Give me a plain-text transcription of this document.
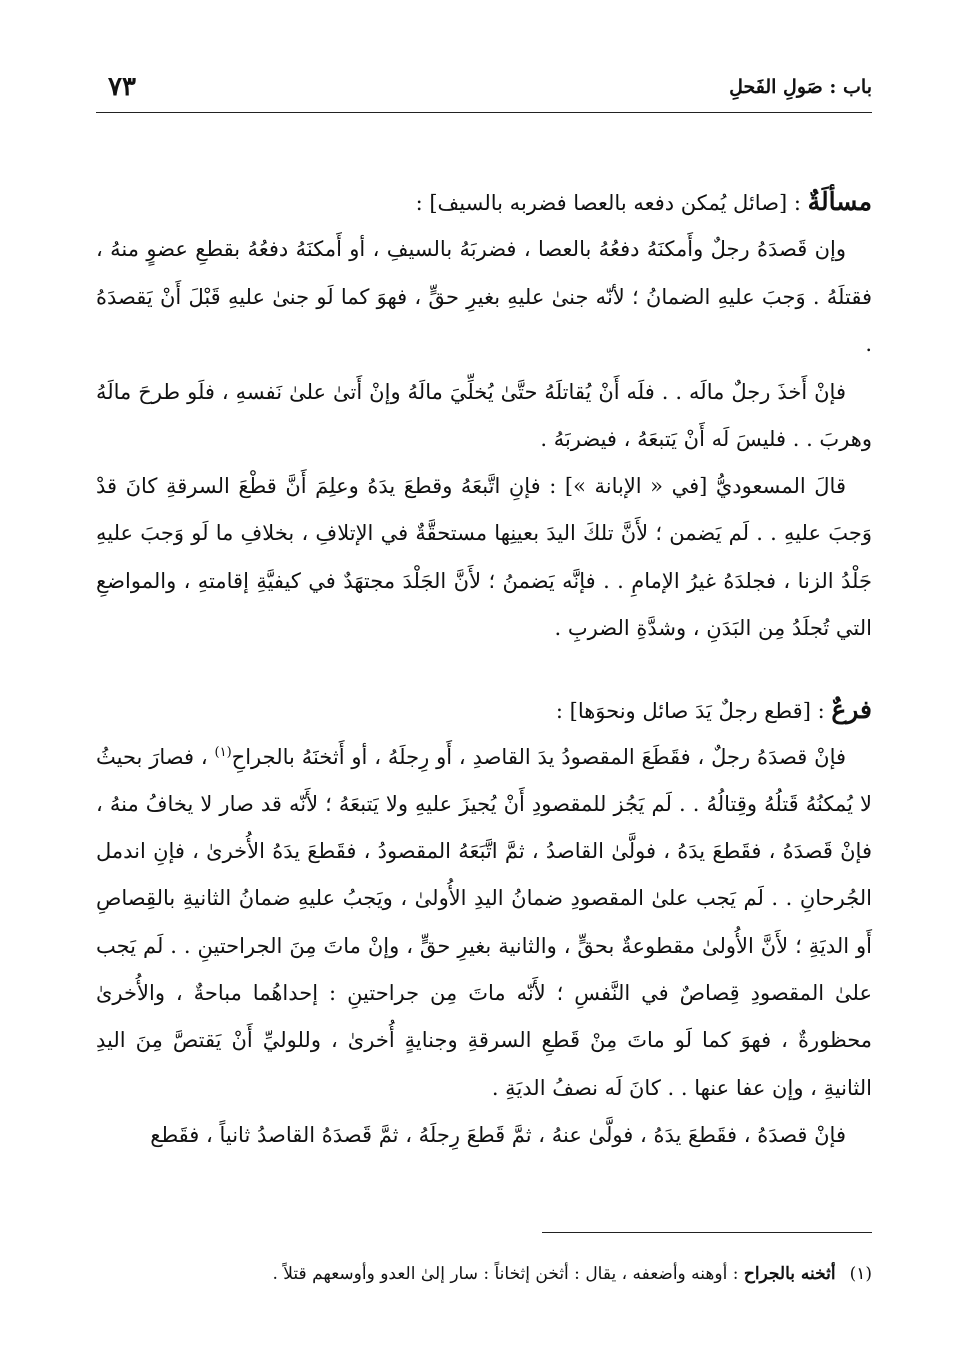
باب : صَولِ الفَحلِ
٧٣

مسألَةٌ : [صائل يُمكن دفعه بالعصا فضربه بالسيف] :

وإن قَصدَهُ رجلٌ وأَمكنَهُ دفعُهُ بالعصا ، فضربَهُ بالسيفِ ، أو أَمكنَهُ دفعُهُ بقطعِ عضوٍ منهُ ، فقتلَهُ . وَجبَ عليهِ الضمانُ ؛ لأنّه جنىٰ عليهِ بغيرِ حقٍّ ، فهوَ كما لَو جنىٰ عليهِ قَبْلَ أَنْ يَقصدَهُ .

فإنْ أَخذَ رجلٌ مالَه . . فلَه أَنْ يُقاتلَهُ حتَّىٰ يُخلِّيَ مالَهُ وإنْ أَتىٰ علىٰ نَفسهِ ، فلَو طرحَ مالَهُ وهربَ . . فليسَ لَه أَنْ يَتبعَهُ ، فيضربَهُ .

قالَ المسعوديُّ [في « الإبانة »] : فإنِ اتَّبعَهُ وقطعَ يدَهُ وعلِمَ أَنَّ قطْعَ السرقةِ كانَ قدْ وَجبَ عليهِ . . لَم يَضمن ؛ لأَنَّ تلكَ اليدَ بعينِها مستحقَّةٌ في الإتلافِ ، بخلافِ ما لَو وَجبَ عليهِ جَلْدُ الزنا ، فجلدَهُ غيرُ الإمامِ . . فإنَّه يَضمنُ ؛ لأَنَّ الجَلْدَ مجتهَدٌ في كيفيَّةِ إقامتهِ ، والمواضعِ التي تُجلَدُ مِن البَدَنِ ، وشدَّةِ الضربِ .

فرعٌ : [قطع رجلٌ يَدَ صائل ونحوَها] :

فإنْ قصدَهُ رجلٌ ، فقَطَعَ المقصودُ يدَ القاصدِ ، أَو رِجلَهُ ، أو أَثخنَهُ بالجراحِ$^{(١)}$ ، فصارَ بحيثُ لا يُمكنُهُ قَتلُهُ وقِتالُهُ . . لَم يَجُز للمقصودِ أَنْ يُجيزَ عليهِ ولا يَتبعَهُ ؛ لأَنّه قد صار لا يخافُ منهُ ، فإنْ قَصدَهُ ، فقَطعَ يدَهُ ، فولَّىٰ القاصدُ ، ثمَّ اتَّبَعَهُ المقصودُ ، فقَطعَ يدَهُ الأُخرىٰ ، فإنِ اندمل الجُرحانِ . . لَم يَجب علىٰ المقصودِ ضمانُ اليدِ الأُولىٰ ، ويَجبُ عليهِ ضمانُ الثانيةِ بالقِصاصِ أَو الديَةِ ؛ لأَنَّ الأُولىٰ مقطوعةٌ بحقٍّ ، والثانية بغيرِ حقٍّ ، وإنْ ماتَ مِنَ الجراحتينِ . . لَم يَجب علىٰ المقصودِ قِصاصٌ في النَّفسِ ؛ لأَنّه ماتَ مِن جراحتينِ : إحداهُما مباحةٌ ، والأُخرىٰ محظورةٌ ، فهوَ كما لَو ماتَ مِنْ قَطعِ السرقةِ وجنايةٍ أُخرىٰ ، وللوليِّ أَنْ يَقتصَّ مِنَ اليدِ الثانيةِ ، وإن عفا عنها . . كانَ لَه نصفُ الديَةِ .

فإنْ قصدَهُ ، فقَطعَ يدَهُ ، فولَّىٰ عنهُ ، ثمَّ قَطعَ رِجلَهُ ، ثمَّ قَصدَهُ القاصدُ ثانياً ، فقَطع

(١)أثخنه بالجراح : أوهنه وأضعفه ، يقال : أثخن إثخاناً : سار إلىٰ العدو وأوسعهم قتلاً .
